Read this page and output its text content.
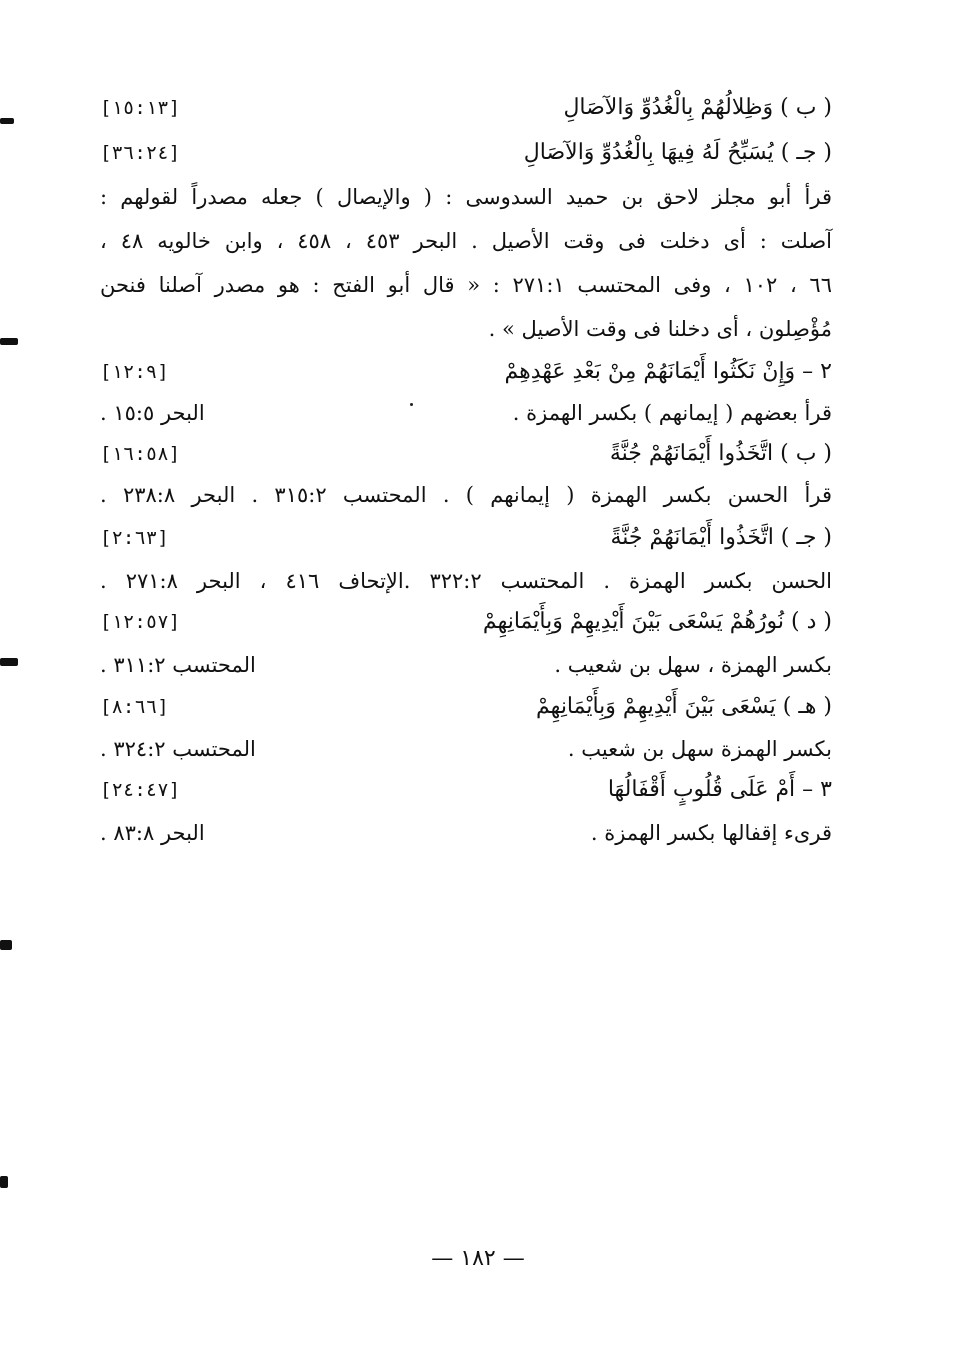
( ب ) وَظِلالُهُمْ بِالْغُدُوِّ وَالآصَالِ
[١٥:١٣]
( جـ ) يُسَبِّحُ لَهُ فِيهَا بِالْغُدُوِّ وَالآصَالِ
[٣٦:٢٤]
قرأ أبو مجلز لاحق بن حميد السدوسى : ( والإيصال ) جعله مصدراً لقولهم :
آصلت : أى دخلت فى وقت الأصيل . البحر ٤٥٣ ، ٤٥٨ ، وابن خالويه ٤٨ ،
٦٦ ، ١٠٢ ، وفى المحتسب ٢٧١:١ : « قال أبو الفتح : هو مصدر آصلنا فنحن
مُؤْصِلون ، أى دخلنا فى وقت الأصيل » .
٢ – وَإِنْ نَكَثُوا أَيْمَانَهُمْ مِنْ بَعْدِ عَهْدِهِمْ
[١٢:٩]
قرأ بعضهم ( إيمانهم ) بكسر الهمزة .
البحر ١٥:٥ .
( ب ) اتَّخَذُوا أَيْمَانَهُمْ جُنَّةً
[١٦:٥٨]
قرأ الحسن بكسر الهمزة ( إيمانهم ) . المحتسب ٣١٥:٢ . البحر ٢٣٨:٨ .
( جـ ) اتَّخَذُوا أَيْمَانَهُمْ جُنَّةً
[٢:٦٣]
الحسن بكسر الهمزة . المحتسب ٣٢٢:٢ .الإتحاف ٤١٦ ، البحر ٢٧١:٨ .
( د ) نُورُهُمْ يَسْعَى بَيْنَ أَيْدِيهِمْ وَبِأَيْمَانِهِمْ
[١٢:٥٧]
بكسر الهمزة ، سهل بن شعيب .
المحتسب ٣١١:٢ .
( هـ ) يَسْعَى بَيْنَ أَيْدِيهِمْ وَبِأَيْمَانِهِمْ
[٨:٦٦]
بكسر الهمزة سهل بن شعيب .
المحتسب ٣٢٤:٢ .
٣ – أَمْ عَلَى قُلُوبٍ أَقْفَالُهَا
[٢٤:٤٧]
قرىء إقفالها بكسر الهمزة .
البحر ٨٣:٨ .
— ١٨٢ —
